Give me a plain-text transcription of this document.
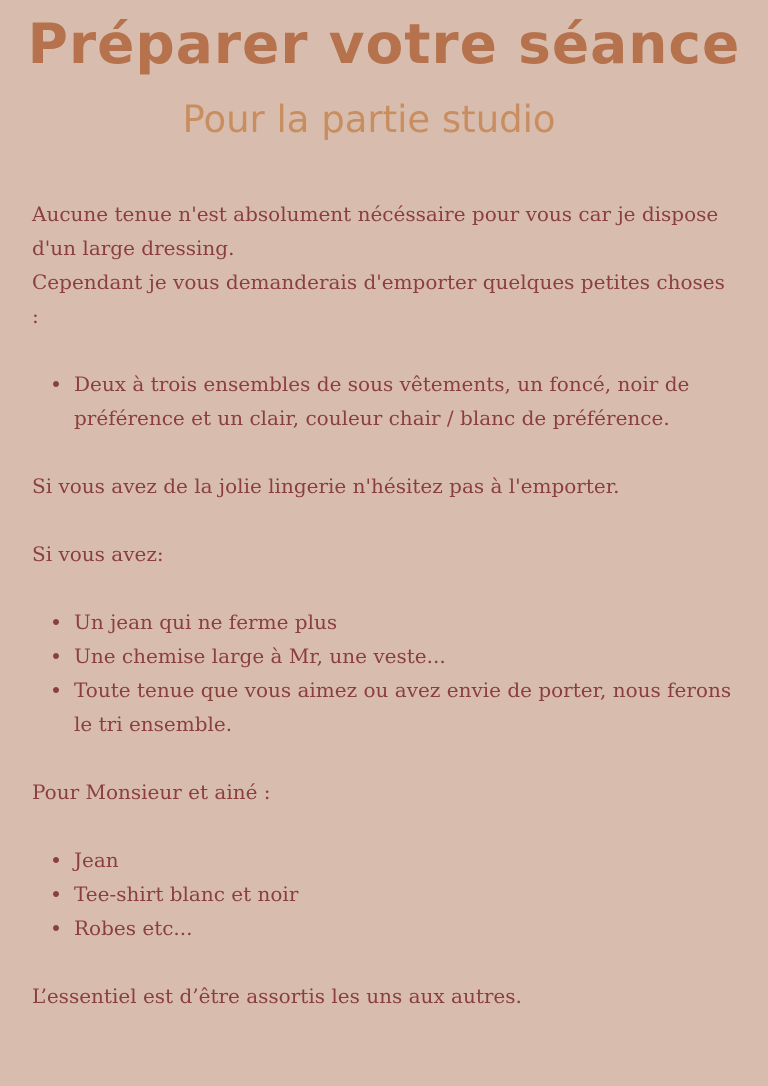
Préparer votre séance
Pour la partie studio

Aucune tenue n'est absolument nécéssaire pour vous car je dispose d'un large dressing.

Cependant je vous demanderais d'emporter quelques petites choses :

Deux à trois ensembles de sous vêtements, un foncé, noir de préférence et un clair, couleur chair / blanc de préférence.

Si vous avez de la jolie lingerie n'hésitez pas à l'emporter.

Si vous avez:

Un jean qui ne ferme plus
Une chemise large à Mr, une veste...
Toute tenue que vous aimez ou avez envie de porter, nous ferons le tri ensemble.

Pour Monsieur et ainé :

Jean
Tee-shirt blanc et noir
Robes etc...

L’essentiel est d’être assortis les uns aux autres.
